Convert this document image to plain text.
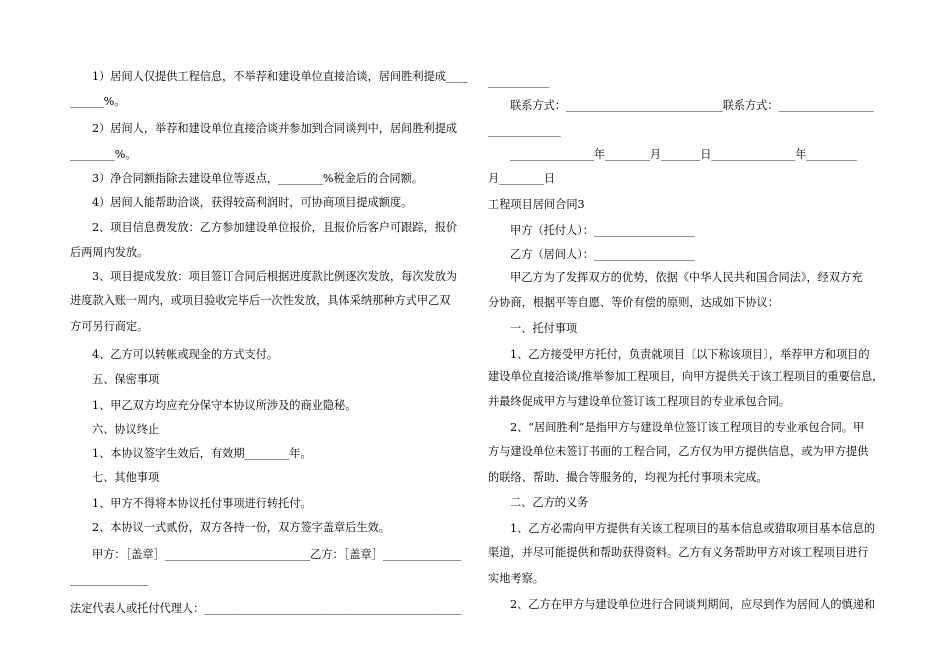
1）居间人仅提供工程信息，不举荐和建设单位直接洽谈，居间胜利提成____
______%。
2）居间人，举荐和建设单位直接洽谈并参加到合同谈判中，居间胜利提成
________%。
3）净合同额指除去建设单位等返点，________%税金后的合同额。
4）居间人能帮助洽谈，获得较高利润时，可协商项目提成额度。
2、项目信息费发放：乙方参加建设单位报价，且报价后客户可跟踪，报价
后两周内发放。
3、项目提成发放：项目签订合同后根据进度款比例逐次发放，每次发放为
进度款入账一周内，或项目验收完毕后一次性发放，具体采纳那种方式甲乙双
方可另行商定。
4、乙方可以转帐或现金的方式支付。
五、保密事项
1、甲乙双方均应充分保守本协议所涉及的商业隐秘。
六、协议终止
1、本协议签字生效后，有效期________年。
七、其他事项
1、甲方不得将本协议托付事项进行转托付。
2、本协议一式贰份，双方各持一份，双方签字盖章后生效。
甲方：［盖章］__________________________乙方：［盖章］______________
______________
法定代表人或托付代理人：______________________________________________
___________
联系方式：____________________________联系方式：_________________
_____________
_______________年________月_______日_______________年_________
月________日
工程项目居间合同3
甲方（托付人）：__________________
乙方（居间人）：__________________
甲乙方为了发挥双方的优势，依据《中华人民共和国合同法》，经双方充
分协商，根据平等自愿、等价有偿的原则，达成如下协议：
一、托付事项
1、乙方接受甲方托付，负责就项目〔以下称该项目〕，举荐甲方和项目的
建设单位直接洽谈/推举参加工程项目，向甲方提供关于该工程项目的重要信息，
并最终促成甲方与建设单位签订该工程项目的专业承包合同。
2、“居间胜利”是指甲方与建设单位签订该工程项目的专业承包合同。甲
方与建设单位未签订书面的工程合同，乙方仅为甲方提供信息，或为甲方提供
的联络、帮助、撮合等服务的，均视为托付事项未完成。
二、乙方的义务
1、乙方必需向甲方提供有关该工程项目的基本信息或猎取项目基本信息的
渠道，并尽可能提供和帮助获得资料。乙方有义务帮助甲方对该工程项目进行
实地考察。
2、乙方在甲方与建设单位进行合同谈判期间，应尽到作为居间人的慎递和
